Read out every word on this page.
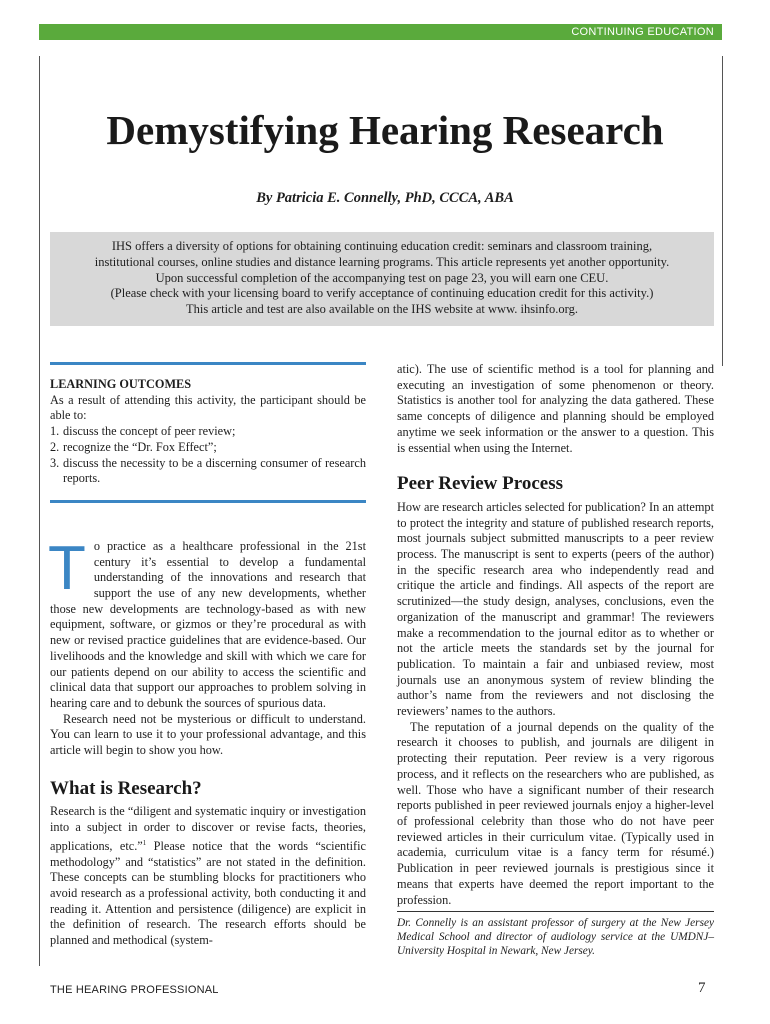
CONTINUING EDUCATION
Demystifying Hearing Research
By Patricia E. Connelly, PhD, CCCA, ABA
IHS offers a diversity of options for obtaining continuing education credit: seminars and classroom training,
institutional courses, online studies and distance learning programs. This article represents yet another opportunity.
Upon successful completion of the accompanying test on page 23, you will earn one CEU.
(Please check with your licensing board to verify acceptance of continuing education credit for this activity.)
This article and test are also available on the IHS website at www. ihsinfo.org.
LEARNING OUTCOMES

As a result of attending this activity, the participant should be able to:

1. discuss the concept of peer review;
2. recognize the “Dr. Fox Effect”;
3. discuss the necessity to be a discerning consumer of research reports.

To practice as a healthcare professional in the 21st century it’s essential to develop a fundamental understanding of the innovations and research that support the use of any new developments, whether those new developments are technology-based as with new equipment, software, or gizmos or they’re procedural as with new or revised practice guidelines that are evidence-based. Our livelihoods and the knowledge and skill with which we care for our patients depend on our ability to access the scientific and clinical data that support our approaches to problem solving in hearing care and to debunk the sources of spurious data.

Research need not be mysterious or difficult to understand. You can learn to use it to your professional advantage, and this article will begin to show you how.

What is Research?

Research is the “diligent and systematic inquiry or investigation into a subject in order to discover or revise facts, theories, applications, etc.”$^1$ Please notice that the words “scientific methodology” and “statistics” are not stated in the definition. These concepts can be stumbling blocks for practitioners who avoid research as a professional activity, both conducting it and reading it. Attention and persistence (diligence) are explicit in the definition of research. The research efforts should be planned and methodical (system-

atic). The use of scientific method is a tool for planning and executing an investigation of some phenomenon or theory. Statistics is another tool for analyzing the data gathered. These same concepts of diligence and planning should be employed anytime we seek information or the answer to a question. This is essential when using the Internet.

Peer Review Process

How are research articles selected for publication? In an attempt to protect the integrity and stature of published research reports, most journals subject submitted manuscripts to a peer review process. The manuscript is sent to experts (peers of the author) in the specific research area who independently read and critique the article and findings. All aspects of the report are scrutinized—the study design, analyses, conclusions, even the organization of the manuscript and grammar! The reviewers make a recommendation to the journal editor as to whether or not the article meets the standards set by the journal for publication. To maintain a fair and unbiased review, most journals use an anonymous system of review blinding the author’s name from the reviewers and not disclosing the reviewers’ names to the authors.

The reputation of a journal depends on the quality of the research it chooses to publish, and journals are diligent in protecting their reputation. Peer review is a very rigorous process, and it reflects on the researchers who are published, as well. Those who have a significant number of their research reports published in peer reviewed journals enjoy a higher-level of professional celebrity than those who do not have peer reviewed articles in their curriculum vitae. (Typically used in academia, curriculum vitae is a fancy term for résumé.) Publication in peer reviewed journals is prestigious since it means that experts have deemed the report important to the profession.

Dr. Connelly is an assistant professor of surgery at the New Jersey Medical School and director of audiology service at the UMDNJ–University Hospital in Newark, New Jersey.
THE HEARING PROFESSIONAL	7
